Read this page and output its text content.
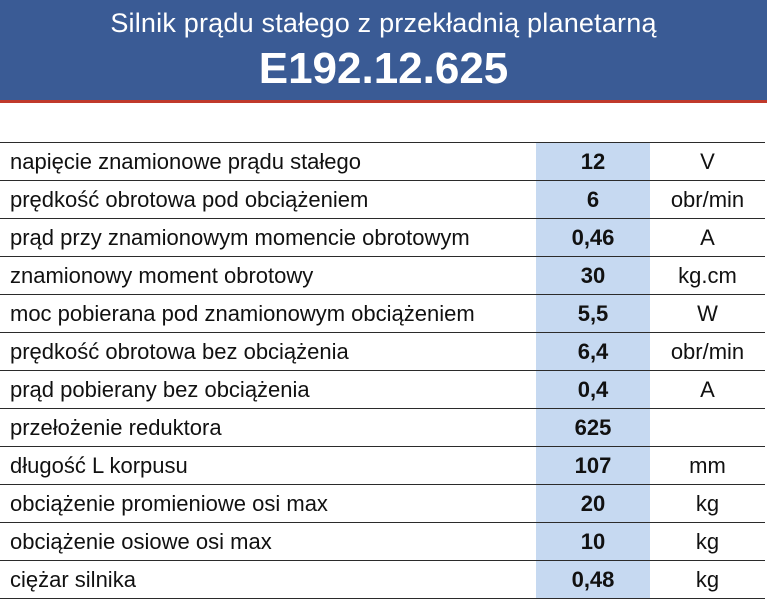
Silnik prądu stałego z przekładnią planetarną
E192.12.625
napięcie znamionowe prądu stałego		12	V
prędkość obrotowa pod obciążeniem		6	obr/min
prąd przy znamionowym momencie obrotowym		0,46	A
znamionowy moment obrotowy		30	kg.cm
moc pobierana pod znamionowym obciążeniem		5,5	W
prędkość obrotowa bez obciążenia		6,4	obr/min
prąd pobierany bez obciążenia		0,4	A
przełożenie reduktora		625	
długość L korpusu		107	mm
obciążenie promieniowe osi max		20	kg
obciążenie osiowe osi max		10	kg
ciężar silnika		0,48	kg
